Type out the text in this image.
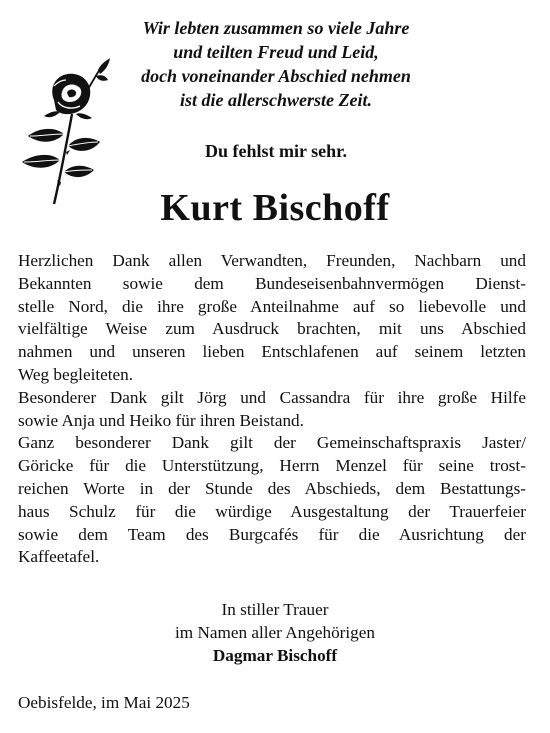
Wir lebten zusammen so viele Jahre
und teilten Freud und Leid,
doch voneinander Abschied nehmen
ist die allerschwerste Zeit.
Du fehlst mir sehr.
Kurt Bischoff
Herzlichen Dank allen Verwandten, Freunden, Nachbarn und
Bekannten sowie dem Bundeseisenbahnvermögen Dienst-
stelle Nord, die ihre große Anteilnahme auf so liebevolle und
vielfältige Weise zum Ausdruck brachten, mit uns Abschied
nahmen und unseren lieben Entschlafenen auf seinem letzten
Weg begleiteten.
Besonderer Dank gilt Jörg und Cassandra für ihre große Hilfe
sowie Anja und Heiko für ihren Beistand.
Ganz besonderer Dank gilt der Gemeinschaftspraxis Jaster/
Göricke für die Unterstützung, Herrn Menzel für seine trost-
reichen Worte in der Stunde des Abschieds, dem Bestattungs-
haus Schulz für die würdige Ausgestaltung der Trauerfeier
sowie dem Team des Burgcafés für die Ausrichtung der
Kaffeetafel.
In stiller Trauer
im Namen aller Angehörigen
Dagmar Bischoff
Oebisfelde, im Mai 2025
